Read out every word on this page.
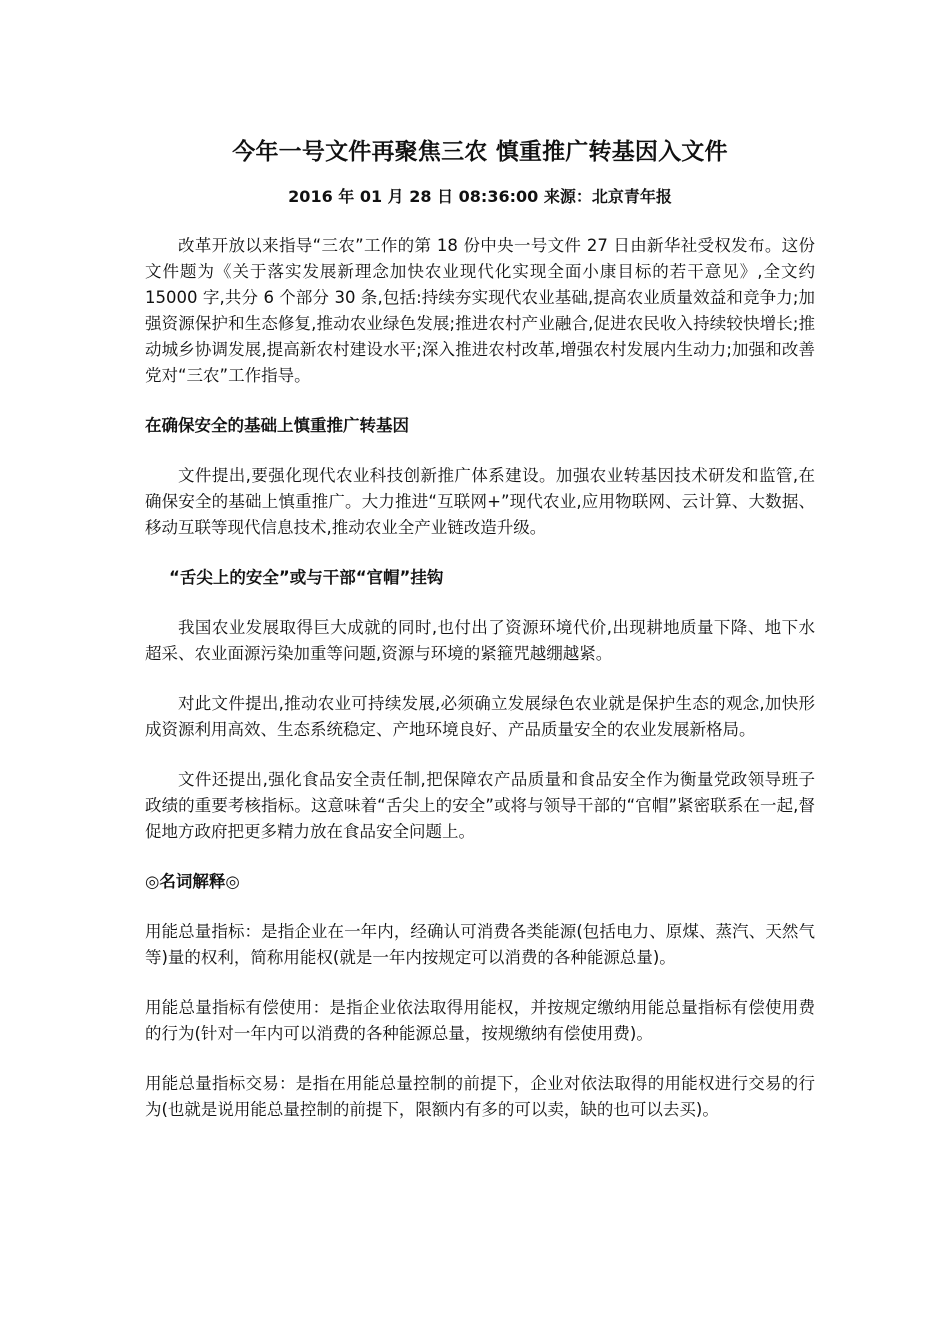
今年一号文件再聚焦三农 慎重推广转基因入文件
2016 年 01 月 28 日 08:36:00 来源：北京青年报

改革开放以来指导“三农”工作的第 18 份中央一号文件 27 日由新华社受权发布。这份文件题为《关于落实发展新理念加快农业现代化实现全面小康目标的若干意见》,全文约 15000 字,共分 6 个部分 30 条,包括:持续夯实现代农业基础,提高农业质量效益和竞争力;加强资源保护和生态修复,推动农业绿色发展;推进农村产业融合,促进农民收入持续较快增长;推动城乡协调发展,提高新农村建设水平;深入推进农村改革,增强农村发展内生动力;加强和改善党对“三农”工作指导。

在确保安全的基础上慎重推广转基因

文件提出,要强化现代农业科技创新推广体系建设。加强农业转基因技术研发和监管,在确保安全的基础上慎重推广。大力推进“互联网+”现代农业,应用物联网、云计算、大数据、移动互联等现代信息技术,推动农业全产业链改造升级。

“舌尖上的安全”或与干部“官帽”挂钩

我国农业发展取得巨大成就的同时,也付出了资源环境代价,出现耕地质量下降、地下水超采、农业面源污染加重等问题,资源与环境的紧箍咒越绷越紧。

对此文件提出,推动农业可持续发展,必须确立发展绿色农业就是保护生态的观念,加快形成资源利用高效、生态系统稳定、产地环境良好、产品质量安全的农业发展新格局。

文件还提出,强化食品安全责任制,把保障农产品质量和食品安全作为衡量党政领导班子政绩的重要考核指标。这意味着“舌尖上的安全”或将与领导干部的“官帽”紧密联系在一起,督促地方政府把更多精力放在食品安全问题上。

◎名词解释◎

用能总量指标：是指企业在一年内，经确认可消费各类能源(包括电力、原煤、蒸汽、天然气等)量的权利，简称用能权(就是一年内按规定可以消费的各种能源总量)。

用能总量指标有偿使用：是指企业依法取得用能权，并按规定缴纳用能总量指标有偿使用费的行为(针对一年内可以消费的各种能源总量，按规缴纳有偿使用费)。

用能总量指标交易：是指在用能总量控制的前提下，企业对依法取得的用能权进行交易的行为(也就是说用能总量控制的前提下，限额内有多的可以卖，缺的也可以去买)。
